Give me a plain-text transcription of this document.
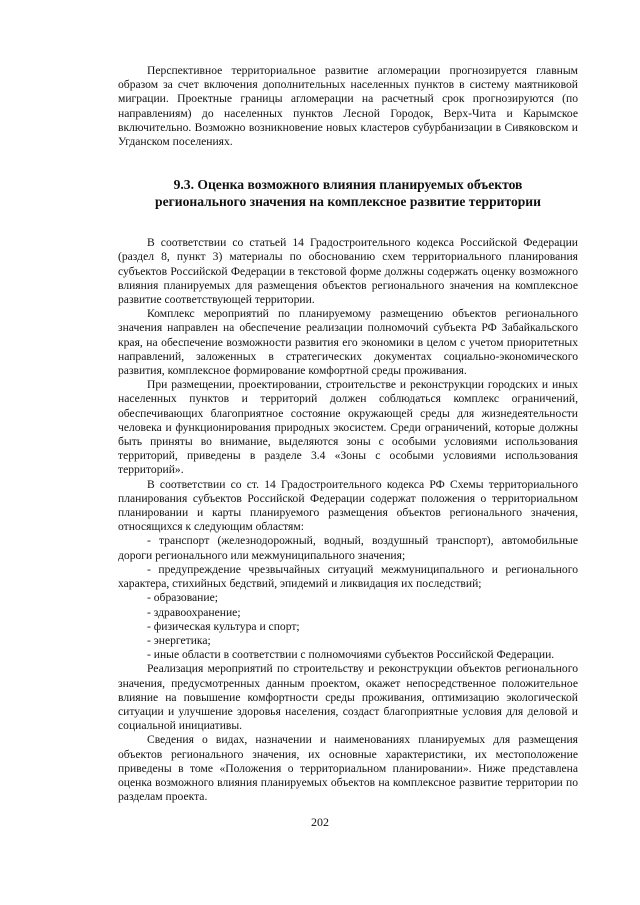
Перспективное территориальное развитие агломерации прогнозируется главным образом за счет включения дополнительных населенных пунктов в систему маятниковой миграции. Проектные границы агломерации на расчетный срок прогнозируются (по направлениям) до населенных пунктов Лесной Городок, Верх-Чита и Карымское включительно. Возможно возникновение новых кластеров субурбанизации в Сивяковском и Угданском поселениях.

9.3. Оценка возможного влияния планируемых объектов
регионального значения на комплексное развитие территории

В соответствии со статьей 14 Градостроительного кодекса Российской Федерации (раздел 8, пункт 3) материалы по обоснованию схем территориального планирования субъектов Российской Федерации в текстовой форме должны содержать оценку возможного влияния планируемых для размещения объектов регионального значения на комплексное развитие соответствующей территории.

Комплекс мероприятий по планируемому размещению объектов регионального значения направлен на обеспечение реализации полномочий субъекта РФ Забайкальского края, на обеспечение возможности развития его экономики в целом с учетом приоритетных направлений, заложенных в стратегических документах социально-экономического развития, комплексное формирование комфортной среды проживания.

При размещении, проектировании, строительстве и реконструкции городских и иных населенных пунктов и территорий должен соблюдаться комплекс ограничений, обеспечивающих благоприятное состояние окружающей среды для жизнедеятельности человека и функционирования природных экосистем. Среди ограничений, которые должны быть приняты во внимание, выделяются зоны с особыми условиями использования территорий, приведены в разделе 3.4 «Зоны с особыми условиями использования территорий».

В соответствии со ст. 14 Градостроительного кодекса РФ Схемы территориального планирования субъектов Российской Федерации содержат положения о территориальном планировании и карты планируемого размещения объектов регионального значения, относящихся к следующим областям:

- транспорт (железнодорожный, водный, воздушный транспорт), автомобильные дороги регионального или межмуниципального значения;
- предупреждение чрезвычайных ситуаций межмуниципального и регионального характера, стихийных бедствий, эпидемий и ликвидация их последствий;
- образование;
- здравоохранение;
- физическая культура и спорт;
- энергетика;
- иные области в соответствии с полномочиями субъектов Российской Федерации.

Реализация мероприятий по строительству и реконструкции объектов регионального значения, предусмотренных данным проектом, окажет непосредственное положительное влияние на повышение комфортности среды проживания, оптимизацию экологической ситуации и улучшение здоровья населения, создаст благоприятные условия для деловой и социальной инициативы.

Сведения о видах, назначении и наименованиях планируемых для размещения объектов регионального значения, их основные характеристики, их местоположение приведены в томе «Положения о территориальном планировании». Ниже представлена оценка возможного влияния планируемых объектов на комплексное развитие территории по разделам проекта.

202
